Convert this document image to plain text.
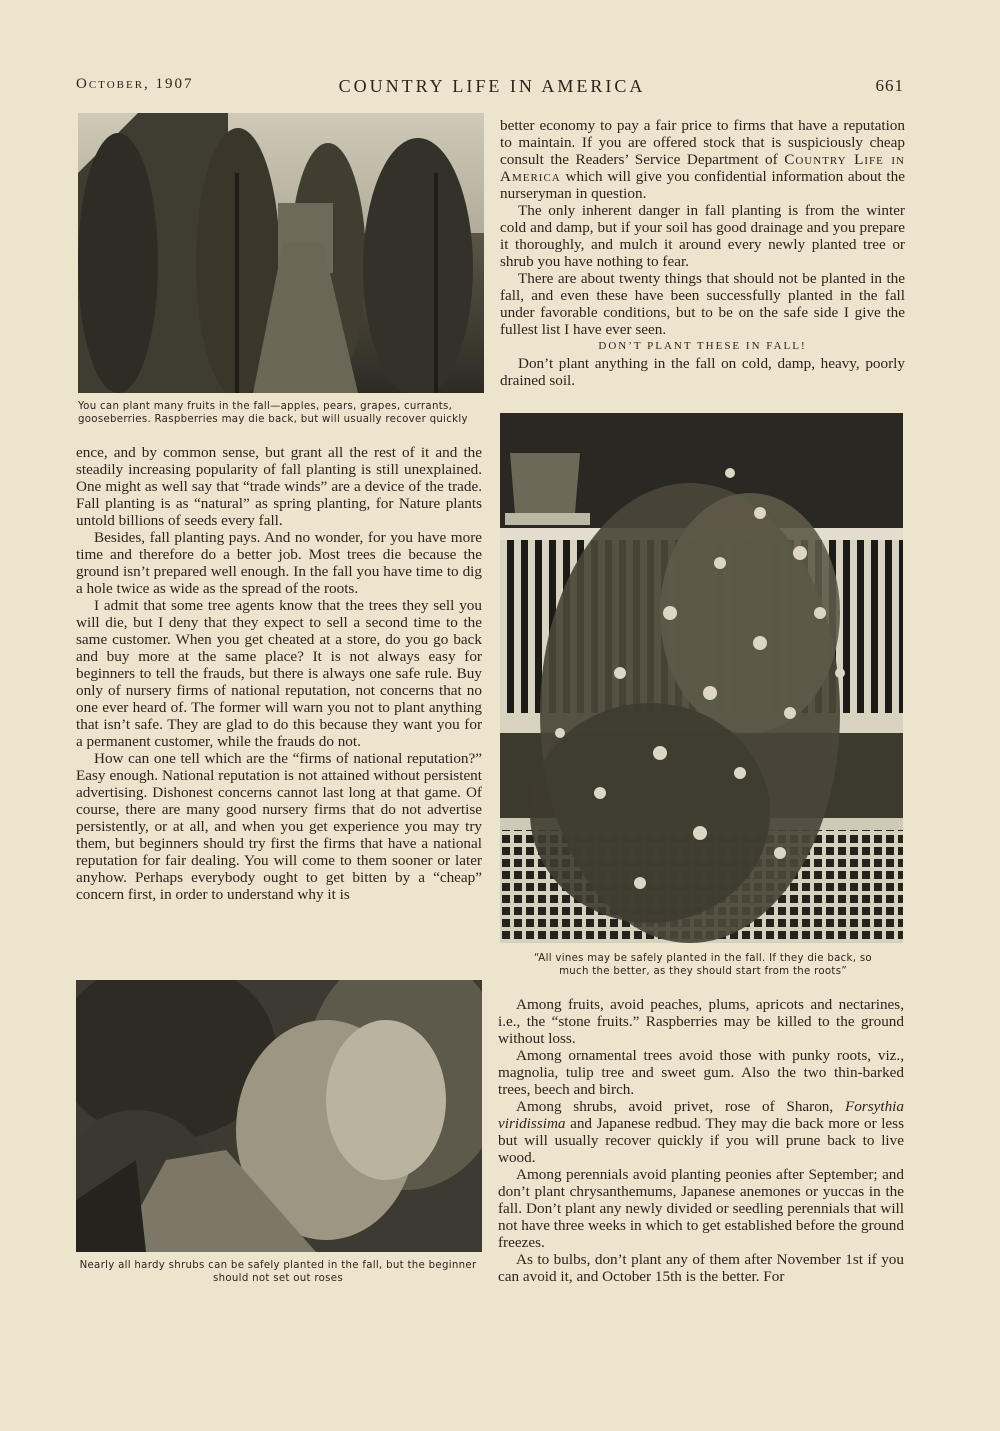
October, 1907	COUNTRY LIFE IN AMERICA	661
You can plant many fruits in the fall—apples, pears, grapes, currants,
gooseberries. Raspberries may die back, but will usually recover quickly

ence, and by common sense, but grant all the rest of it and the steadily increasing popularity of fall planting is still unexplained. One might as well say that “trade winds” are a device of the trade. Fall planting is as “natural” as spring planting, for Nature plants untold billions of seeds every fall.

Besides, fall planting pays. And no wonder, for you have more time and therefore do a better job. Most trees die because the ground isn’t prepared well enough. In the fall you have time to dig a hole twice as wide as the spread of the roots.

I admit that some tree agents know that the trees they sell you will die, but I deny that they expect to sell a second time to the same customer. When you get cheated at a store, do you go back and buy more at the same place? It is not always easy for beginners to tell the frauds, but there is always one safe rule. Buy only of nursery firms of national reputation, not concerns that no one ever heard of. The former will warn you not to plant anything that isn’t safe. They are glad to do this because they want you for a permanent customer, while the frauds do not.

How can one tell which are the “firms of national reputation?” Easy enough. National reputation is not attained without persistent advertising. Dishonest concerns cannot last long at that game. Of course, there are many good nursery firms that do not advertise persistently, or at all, and when you get experience you may try them, but beginners should try first the firms that have a national reputation for fair dealing. You will come to them sooner or later anyhow. Perhaps everybody ought to get bitten by a “cheap” concern first, in order to understand why it is

Nearly all hardy shrubs can be safely planted in the fall, but the beginner
should not set out roses

better economy to pay a fair price to firms that have a reputation to maintain. If you are offered stock that is suspiciously cheap consult the Readers’ Service Department of Country Life in America which will give you confidential information about the nurseryman in question.

The only inherent danger in fall planting is from the winter cold and damp, but if your soil has good drainage and you prepare it thoroughly, and mulch it around every newly planted tree or shrub you have nothing to fear.

There are about twenty things that should not be planted in the fall, and even these have been successfully planted in the fall under favorable conditions, but to be on the safe side I give the fullest list I have ever seen.

DON’T PLANT THESE IN FALL!

Don’t plant anything in the fall on cold, damp, heavy, poorly drained soil.

“All vines may be safely planted in the fall. If they die back, so
much the better, as they should start from the roots”

Among fruits, avoid peaches, plums, apricots and nectarines, i.e., the “stone fruits.” Raspberries may be killed to the ground without loss.

Among ornamental trees avoid those with punky roots, viz., magnolia, tulip tree and sweet gum. Also the two thin-barked trees, beech and birch.

Among shrubs, avoid privet, rose of Sharon, Forsythia viridissima and Japanese redbud. They may die back more or less but will usually recover quickly if you will prune back to live wood.

Among perennials avoid planting peonies after September; and don’t plant chrysanthemums, Japanese anemones or yuccas in the fall. Don’t plant any newly divided or seedling perennials that will not have three weeks in which to get established before the ground freezes.

As to bulbs, don’t plant any of them after November 1st if you can avoid it, and October 15th is the better. For
